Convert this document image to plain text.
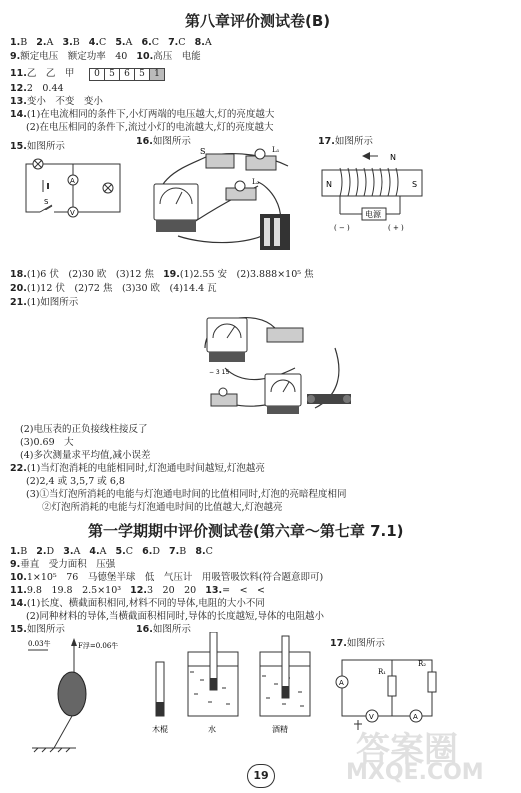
第八章评价测试卷(B)
1.B 2.A 3.B 4.C 5.A 6.C 7.C 8.A
9.额定电压　额定功率　40 10.高压　电能
11.乙　乙　甲	0	5	6	5	1
12.2　0.44
13.变小　不变　变小
14.(1)在电流相同的条件下,小灯两端的电压越大,灯的亮度越大
(2)在电压相同的条件下,流过小灯的电流越大,灯的亮度越大
15.如图所示	16.如图所示	17.如图所示
A
S
V
S	L₁
L₂
N
N	S
电源
( − )	( + )
18.(1)6 伏　(2)30 欧　(3)12 焦 19.(1)2.55 安　(2)3.888×10⁵ 焦
20.(1)12 伏　(2)72 焦　(3)30 欧　(4)14.4 瓦
21.(1)如图所示
− 3 15
(2)电压表的正负接线柱接反了
(3)0.69　大
(4)多次测量求平均值,减小误差
22.(1)当灯泡消耗的电能相同时,灯泡通电时间越短,灯泡越亮
(2)2,4 或 3,5,7 或 6,8
(3)①当灯泡所消耗的电能与灯泡通电时间的比值相同时,灯泡的亮暗程度相同
②灯泡所消耗的电能与灯泡通电时间的比值越大,灯泡越亮
第一学期期中评价测试卷(第六章～第七章 7.1)
1.B 2.D 3.A 4.A 5.C 6.D 7.B 8.C
9.垂直　受力面积　压强
10.1×10⁵　76　马德堡半球　低　气压计　用吸管吸饮料(符合题意即可)
11.9.8　19.8　2.5×10³ 12.3　20　20 13.=　<　<
14.(1)长度、横截面积相同,材料不同的导体,电阻的大小不同
(2)同种材料的导体,当横截面积相同时,导体的长度越短,导体的电阻越小
15.如图所示	16.如图所示
17.如图所示
0.03牛	F浮=0.06牛
木棍	水	酒精
R₁
R₂
A
V	A
答案圈
MXQE.COM
19
